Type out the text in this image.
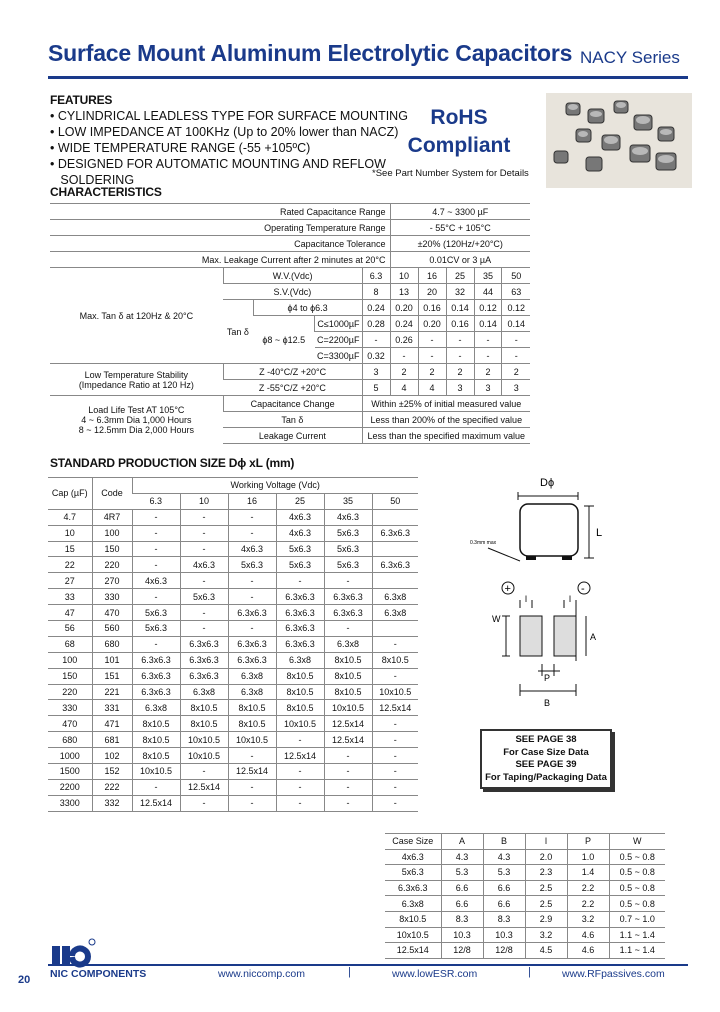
Surface Mount Aluminum Electrolytic Capacitors NACY Series
FEATURES
• CYLINDRICAL LEADLESS TYPE FOR SURFACE MOUNTING
• LOW IMPEDANCE AT 100KHz (Up to 20% lower than NACZ)
• WIDE TEMPERATURE RANGE (-55 +105ºC)
• DESIGNED FOR AUTOMATIC MOUNTING AND REFLOW
SOLDERING
RoHS
Compliant
*See Part Number System for Details
CHARACTERISTICS
Rated Capacitance Range					4.7 ~ 3300 µF				
Operating Temperature Range					- 55°C + 105°C				
Capacitance Tolerance					±20% (120Hz/+20°C)				
Max. Leakage Current after 2 minutes at 20°C					0.01CV or 3 µA				
Max. Tan δ at 120Hz & 20°C	W.V.(Vdc)			6.3	10	16	25	35	50
	S.V.(Vdc)			8	13	20	32	44	63
	Tan δ	ϕ4 to ϕ6.3		0.24	0.20	0.16	0.14	0.12	0.12
		ϕ8 ~ ϕ12.5	C≤1000µF	0.28	0.24	0.20	0.16	0.14	0.14
			C=2200µF	-	0.26	-	-	-	-
			C=3300µF	0.32	-	-	-	-	-
Low Temperature Stability
(Impedance Ratio at 120 Hz)	Z -40°C/Z +20°C			3	2	2	2	2	2
	Z -55°C/Z +20°C			5	4	4	3	3	3
Load Life Test AT 105°C
4 ~ 6.3mm Dia 1,000 Hours
8 ~ 12.5mm Dia 2,000 Hours	Capacitance Change			Within ±25% of initial measured value					
	Tan δ			Less than 200% of the specified value					
	Leakage Current			Less than the specified maximum value					
STANDARD PRODUCTION SIZE Dϕ xL (mm)
Cap (µF)	Code	Working Voltage (Vdc)					
		6.3	10	16	25	35	50
4.7	4R7	-	-	-	4x6.3	4x6.3	
10	100	-	-	-	4x6.3	5x6.3	6.3x6.3
15	150	-	-	4x6.3	5x6.3	5x6.3	
22	220	-	4x6.3	5x6.3	5x6.3	5x6.3	6.3x6.3
27	270	4x6.3	-	-	-	-	
33	330	-	5x6.3	-	6.3x6.3	6.3x6.3	6.3x8
47	470	5x6.3	-	6.3x6.3	6.3x6.3	6.3x6.3	6.3x8
56	560	5x6.3	-	-	6.3x6.3	-	
68	680	-	6.3x6.3	6.3x6.3	6.3x6.3	6.3x8	-
100	101	6.3x6.3	6.3x6.3	6.3x6.3	6.3x8	8x10.5	8x10.5
150	151	6.3x6.3	6.3x6.3	6.3x8	8x10.5	8x10.5	-
220	221	6.3x6.3	6.3x8	6.3x8	8x10.5	8x10.5	10x10.5
330	331	6.3x8	8x10.5	8x10.5	8x10.5	10x10.5	12.5x14
470	471	8x10.5	8x10.5	8x10.5	10x10.5	12.5x14	-
680	681	8x10.5	10x10.5	10x10.5	-	12.5x14	-
1000	102	8x10.5	10x10.5	-	12.5x14	-	-
1500	152	10x10.5	-	12.5x14	-	-	-
2200	222	-	12.5x14	-	-	-	-
3300	332	12.5x14	-	-	-	-	-
Dϕ
L
0.3mm max
+	-
l	l
W
A
P
B
SEE PAGE 38
For Case Size Data
SEE PAGE 39
For Taping/Packaging Data
Case Size	A	B	l	P	W
4x6.3	4.3	4.3	2.0	1.0	0.5 ~ 0.8
5x6.3	5.3	5.3	2.3	1.4	0.5 ~ 0.8
6.3x6.3	6.6	6.6	2.5	2.2	0.5 ~ 0.8
6.3x8	6.6	6.6	2.5	2.2	0.5 ~ 0.8
8x10.5	8.3	8.3	2.9	3.2	0.7 ~ 1.0
10x10.5	10.3	10.3	3.2	4.6	1.1 ~ 1.4
12.5x14	12/8	12/8	4.5	4.6	1.1 ~ 1.4
20 NIC COMPONENTS	www.niccomp.com	|	www.lowESR.com	|	www.RFpassives.com
